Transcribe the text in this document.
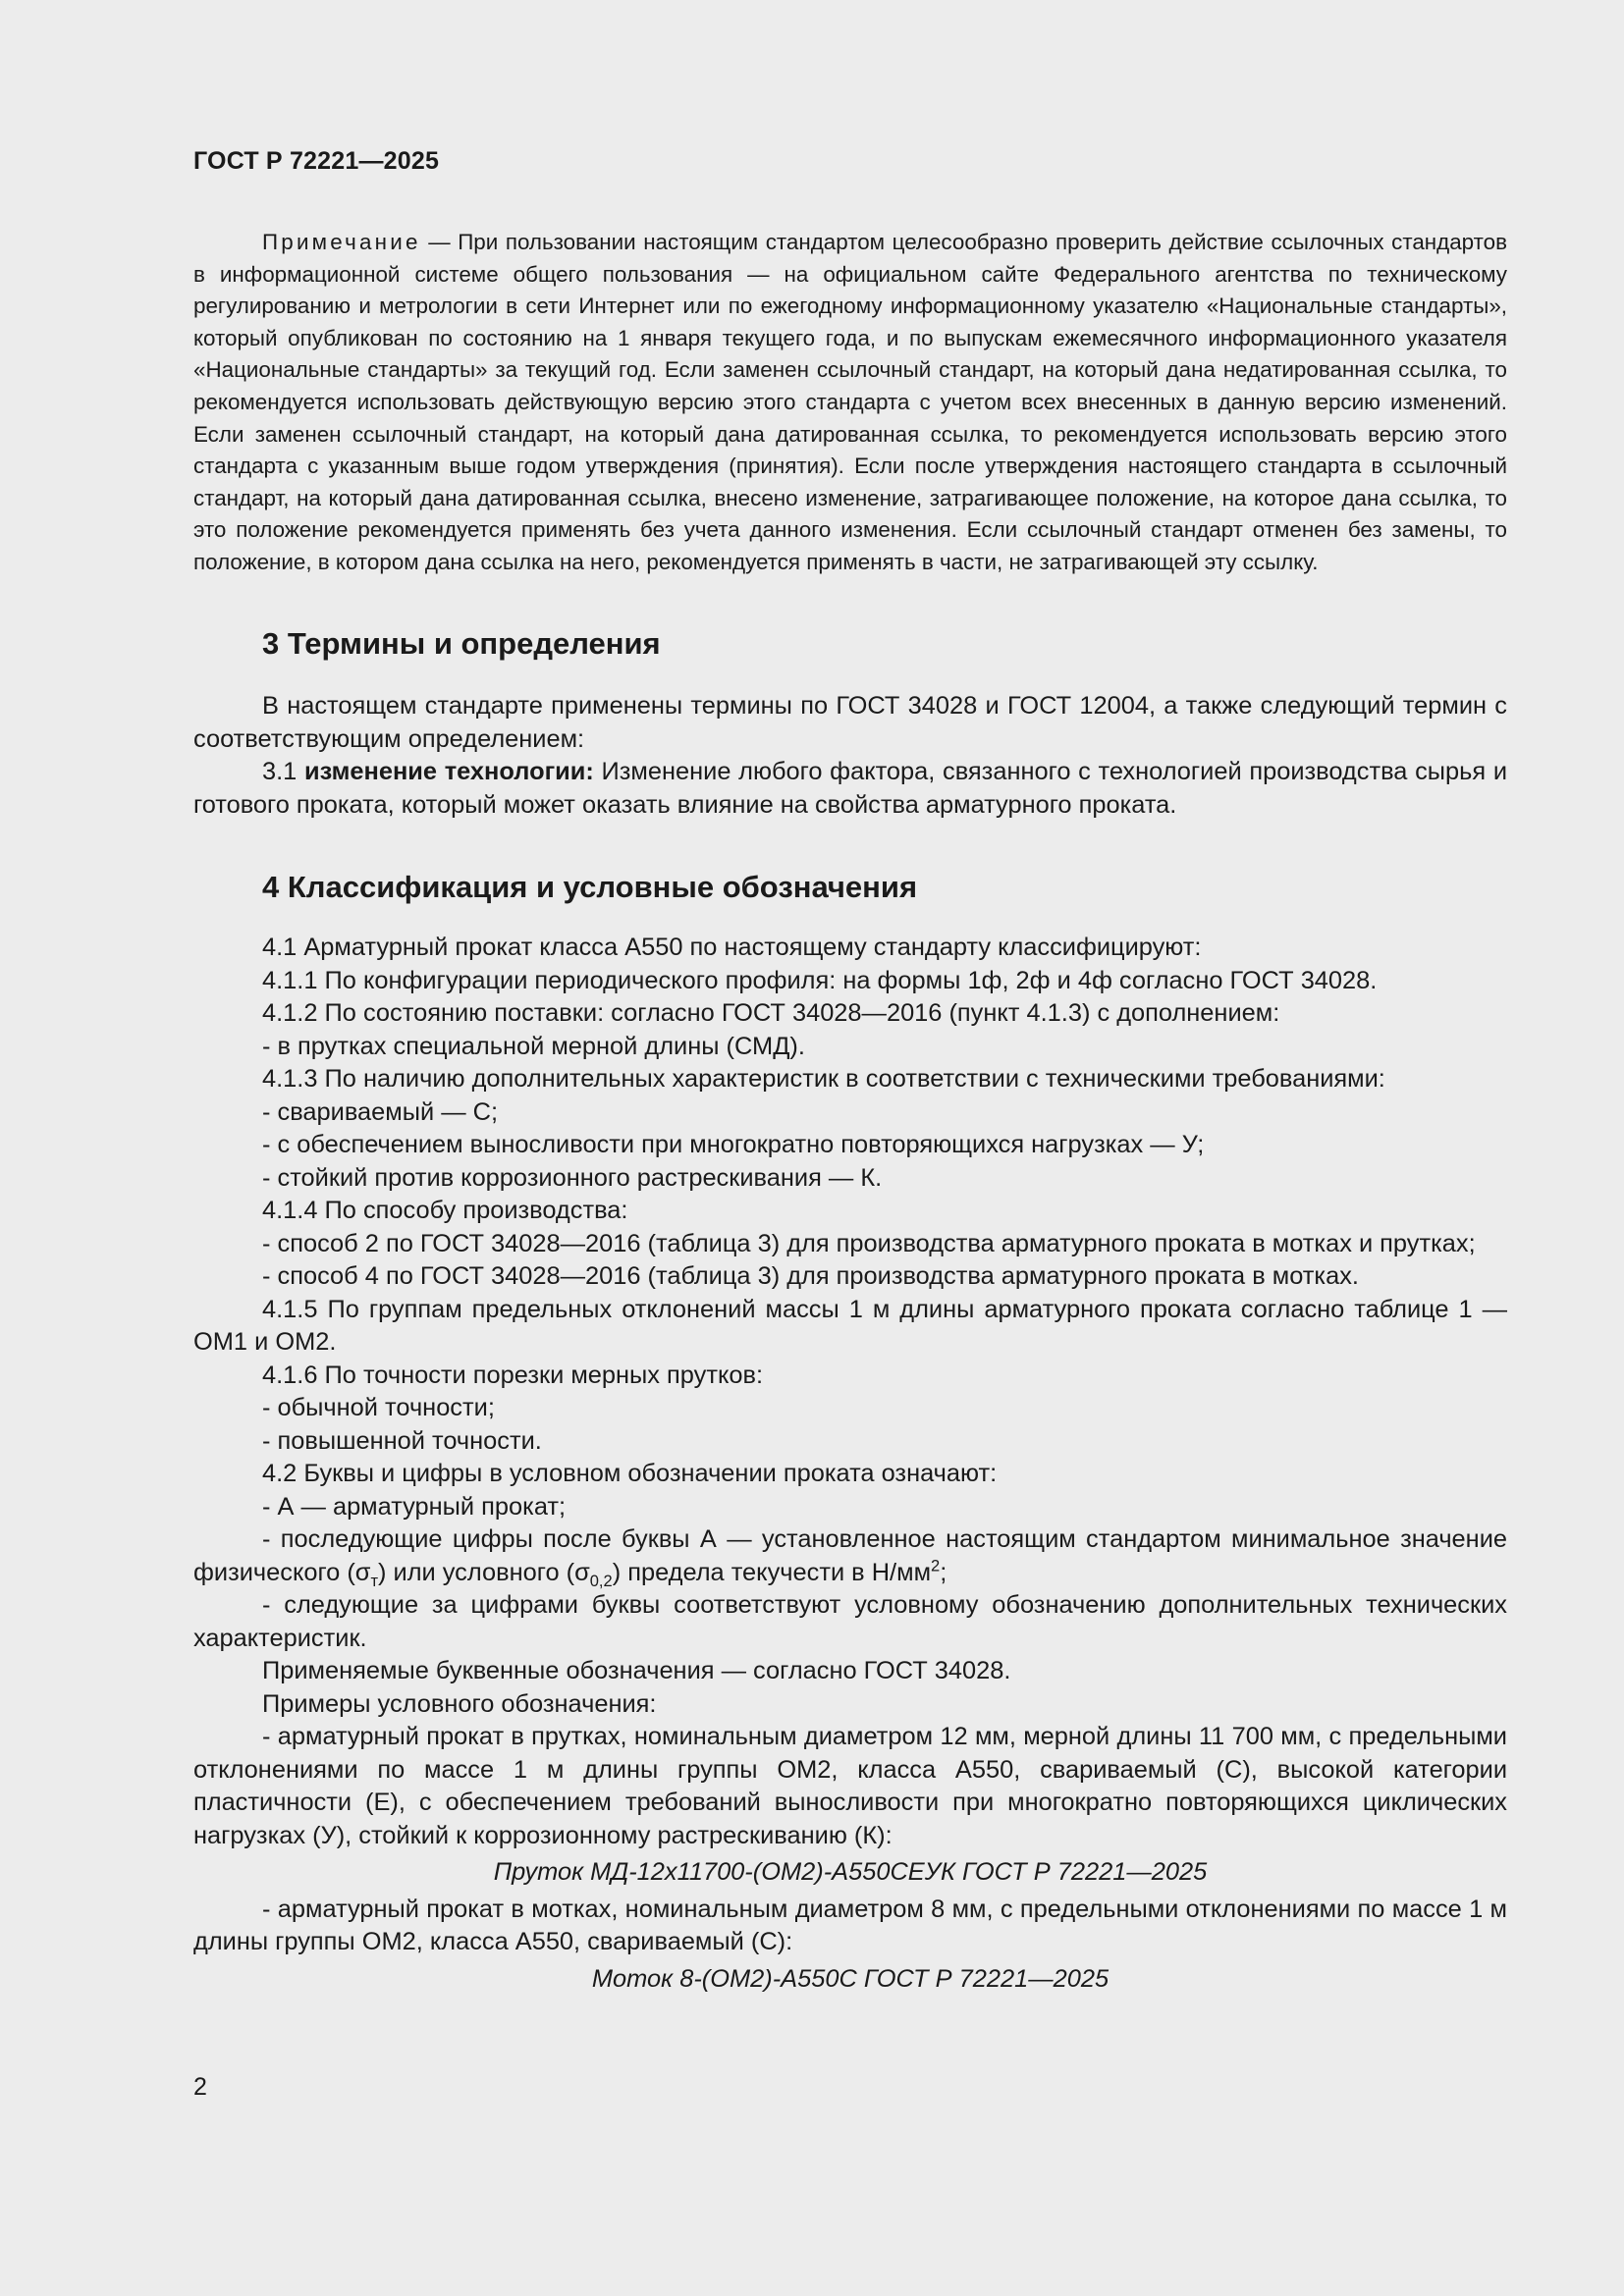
ГОСТ Р 72221—2025
Примечание — При пользовании настоящим стандартом целесообразно проверить действие ссылочных стандартов в информационной системе общего пользования — на официальном сайте Федерального агентства по техническому регулированию и метрологии в сети Интернет или по ежегодному информационному указателю «Национальные стандарты», который опубликован по состоянию на 1 января текущего года, и по выпускам ежемесячного информационного указателя «Национальные стандарты» за текущий год. Если заменен ссылочный стандарт, на который дана недатированная ссылка, то рекомендуется использовать действующую версию этого стандарта с учетом всех внесенных в данную версию изменений. Если заменен ссылочный стандарт, на который дана датированная ссылка, то рекомендуется использовать версию этого стандарта с указанным выше годом утверждения (принятия). Если после утверждения настоящего стандарта в ссылочный стандарт, на который дана датированная ссылка, внесено изменение, затрагивающее положение, на которое дана ссылка, то это положение рекомендуется применять без учета данного изменения. Если ссылочный стандарт отменен без замены, то положение, в котором дана ссылка на него, рекомендуется применять в части, не затрагивающей эту ссылку.
3 Термины и определения

В настоящем стандарте применены термины по ГОСТ 34028 и ГОСТ 12004, а также следующий термин с соответствующим определением:

3.1 изменение технологии: Изменение любого фактора, связанного с технологией производства сырья и готового проката, который может оказать влияние на свойства арматурного проката.

4 Классификация и условные обозначения

4.1 Арматурный прокат класса А550 по настоящему стандарту классифицируют:

4.1.1 По конфигурации периодического профиля: на формы 1ф, 2ф и 4ф согласно ГОСТ 34028.

4.1.2 По состоянию поставки: согласно ГОСТ 34028—2016 (пункт 4.1.3) с дополнением:

- в прутках специальной мерной длины (СМД).

4.1.3 По наличию дополнительных характеристик в соответствии с техническими требованиями:

- свариваемый — С;

- с обеспечением выносливости при многократно повторяющихся нагрузках — У;

- стойкий против коррозионного растрескивания — К.

4.1.4 По способу производства:

- способ 2 по ГОСТ 34028—2016 (таблица 3) для производства арматурного проката в мотках и прутках;

- способ 4 по ГОСТ 34028—2016 (таблица 3) для производства арматурного проката в мотках.

4.1.5 По группам предельных отклонений массы 1 м длины арматурного проката согласно таблице 1 — ОМ1 и ОМ2.

4.1.6 По точности порезки мерных прутков:

- обычной точности;

- повышенной точности.

4.2 Буквы и цифры в условном обозначении проката означают:

- А — арматурный прокат;

- последующие цифры после буквы А — установленное настоящим стандартом минимальное значение физического $(\sigma_т)$ или условного $(\sigma_{0,2})$ предела текучести в $Н/мм^2$;

- следующие за цифрами буквы соответствуют условному обозначению дополнительных технических характеристик.

Применяемые буквенные обозначения — согласно ГОСТ 34028.

Примеры условного обозначения:

- арматурный прокат в прутках, номинальным диаметром 12 мм, мерной длины 11 700 мм, с предельными отклонениями по массе 1 м длины группы ОМ2, класса А550, свариваемый (С), высокой категории пластичности (Е), с обеспечением требований выносливости при многократно повторяющихся циклических нагрузках (У), стойкий к коррозионному растрескиванию (К):

Пруток МД-12х11700-(ОМ2)-А550СЕУК ГОСТ Р 72221—2025

- арматурный прокат в мотках, номинальным диаметром 8 мм, с предельными отклонениями по массе 1 м длины группы ОМ2, класса А550, свариваемый (С):

Моток 8-(ОМ2)-А550С ГОСТ Р 72221—2025

2
